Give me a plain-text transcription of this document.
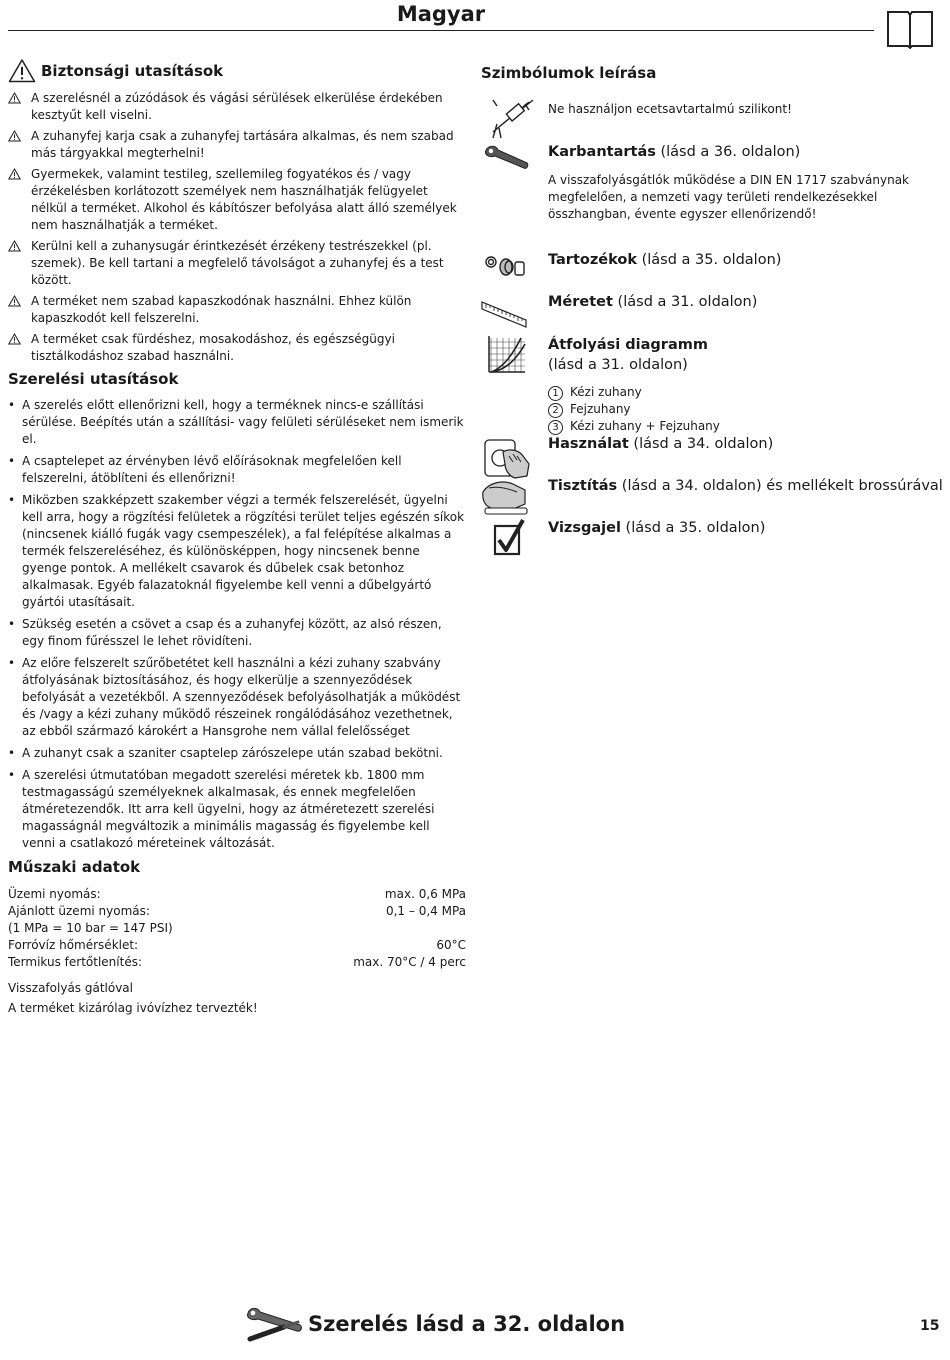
Magyar
Biztonsági utasítások
A szerelésnél a zúzódások és vágási sérülések elkerülése érdekében kesztyűt kell viselni.
A zuhanyfej karja csak a zuhanyfej tartására alkalmas, és nem szabad más tárgyakkal megterhelni!
Gyermekek, valamint testileg, szellemileg fogyatékos és / vagy érzékelésben korlátozott személyek nem használhatják felügyelet nélkül a terméket. Alkohol és kábítószer befolyása alatt álló személyek nem használhatják a terméket.
Kerülni kell a zuhanysugár érintkezését érzékeny testrészekkel (pl. szemek). Be kell tartani a megfelelő távolságot a zuhanyfej és a test között.
A terméket nem szabad kapaszkodónak használni. Ehhez külön kapaszkodót kell felszerelni.
A terméket csak fürdéshez, mosakodáshoz, és egészségügyi tisztálkodáshoz szabad használni.
Szerelési utasítások
• A szerelés előtt ellenőrizni kell, hogy a terméknek nincs-e szállítási sérülése. Beépítés után a szállítási- vagy felületi sérüléseket nem ismerik el.
• A csaptelepet az érvényben lévő előírásoknak megfelelően kell felszerelni, átöblíteni és ellenőrizni!
• Miközben szakképzett szakember végzi a termék felszerelését, ügyelni kell arra, hogy a rögzítési felületek a rögzítési terület teljes egészén síkok (nincsenek kiálló fugák vagy csempeszélek), a fal felépítése alkalmas a termék felszereléséhez, és különösképpen, hogy nincsenek benne gyenge pontok. A mellékelt csavarok és dűbelek csak betonhoz alkalmasak. Egyéb falazatoknál figyelembe kell venni a dűbelgyártó gyártói utasításait.
• Szükség esetén a csövet a csap és a zuhanyfej között, az alsó részen, egy finom fűrésszel le lehet rövidíteni.
• Az előre felszerelt szűrőbetétet kell használni a kézi zuhany szabvány átfolyásának biztosításához, és hogy elkerülje a szennyeződések befolyását a vezetékből. A szennyeződések befolyásolhatják a működést és /vagy a kézi zuhany működő részeinek rongálódásához vezethetnek, az ebből származó károkért a Hansgrohe nem vállal felelősséget
• A zuhanyt csak a szaniter csaptelep zárószelepe után szabad bekötni.
• A szerelési útmutatóban megadott szerelési méretek kb. 1800 mm testmagasságú személyeknek alkalmasak, és ennek megfelelően átméretezendők. Itt arra kell ügyelni, hogy az átméretezett szerelési magasságnál megváltozik a minimális magasság és figyelembe kell venni a csatlakozó méreteinek változását.
Műszaki adatok
Üzemi nyomás:	max. 0,6 MPa
Ajánlott üzemi nyomás:	0,1 – 0,4 MPa
(1 MPa = 10 bar = 147 PSI)	
Forróvíz hőmérséklet:	60°C
Termikus fertőtlenítés:	max. 70°C / 4 perc
Visszafolyás gátlóval
A terméket kizárólag ivóvízhez tervezték!
Szimbólumok leírása
Ne használjon ecetsavtartalmú szilikont!
Karbantartás (lásd a 36. oldalon)
A visszafolyásgátlók működése a DIN EN 1717 szabványnak megfelelően, a nemzeti vagy területi rendelkezésekkel összhangban, évente egyszer ellenőrizendő!
Tartozékok (lásd a 35. oldalon)
Méretet (lásd a 31. oldalon)
Átfolyási diagramm
(lásd a 31. oldalon)
1 Kézi zuhany
2 Fejzuhany
3 Kézi zuhany + Fejzuhany
Használat (lásd a 34. oldalon)
Tisztítás (lásd a 34. oldalon) és mellékelt brossúrával
Vizsgajel (lásd a 35. oldalon)
Szerelés lásd a 32. oldalon	15
